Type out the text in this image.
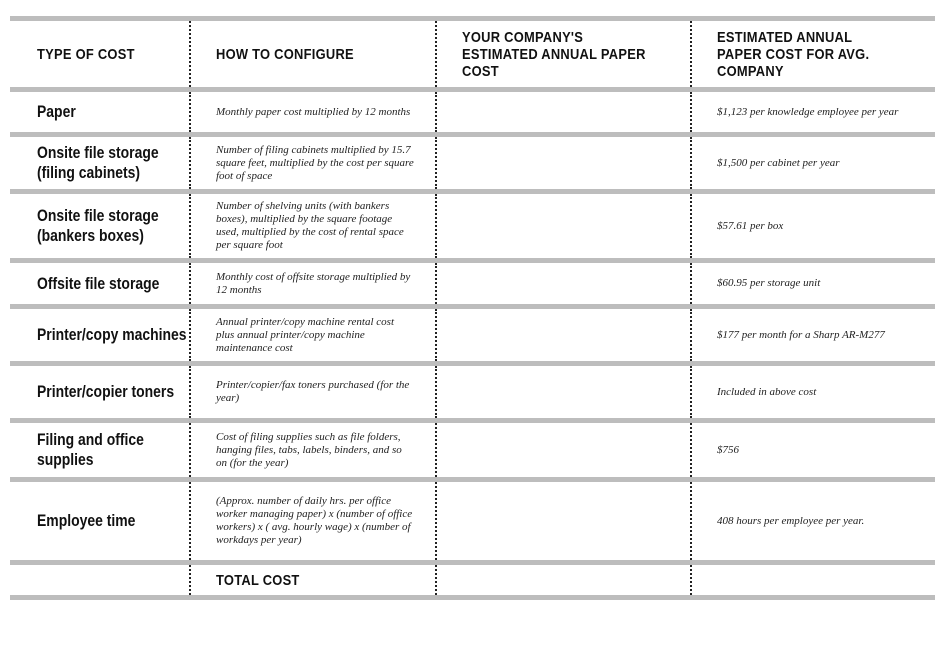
TYPE OF COST	HOW TO CONFIGURE	YOUR COMPANY'S ESTIMATED ANNUAL PAPER COST	ESTIMATED ANNUAL PAPER COST FOR AVG. COMPANY

Paper	Monthly paper cost multiplied by 12 months		$1,123 per knowledge employee per year

Onsite file storage (filing cabinets)	Number of filing cabinets multiplied by 15.7 square feet, multiplied by the cost per square foot of space		$1,500 per cabinet per year

Onsite file storage (bankers boxes)	Number of shelving units (with bankers boxes), multiplied by the square footage used, multiplied by the cost of rental space per square foot		$57.61 per box

Offsite file storage	Monthly cost of offsite storage multiplied by 12 months		$60.95 per storage unit

Printer/copy machines	Annual printer/copy machine rental cost plus annual printer/copy machine maintenance cost		$177 per month for a Sharp AR-M277

Printer/copier toners	Printer/copier/fax toners purchased (for the year)		Included in above cost

Filing and office supplies	Cost of filing supplies such as file folders, hanging files, tabs, labels, binders, and so on (for the year)		$756

Employee time	(Approx. number of daily hrs. per office worker managing paper) x (number of office workers) x ( avg. hourly wage) x (number of workdays per year)		408 hours per employee per year.

	TOTAL COST		
